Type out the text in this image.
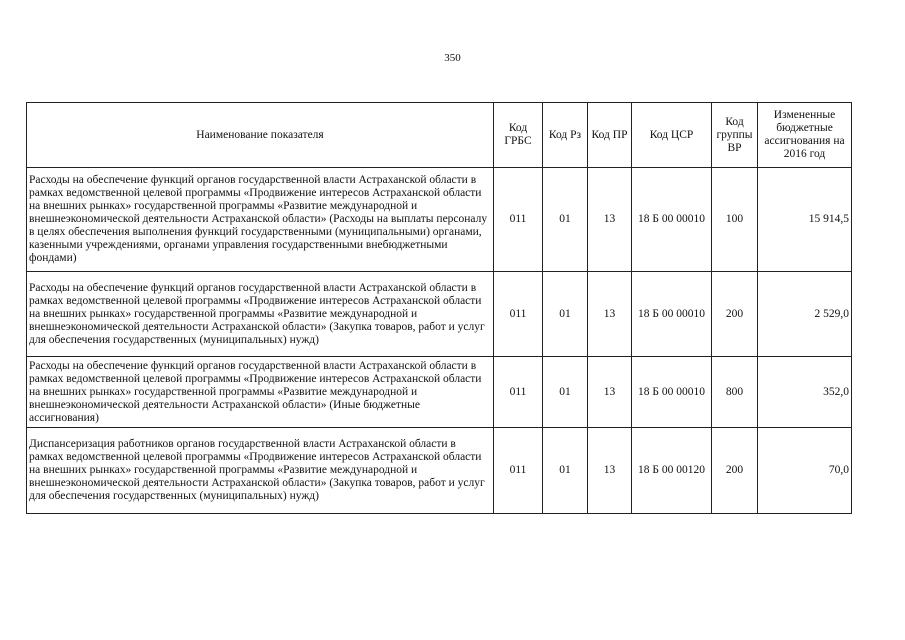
350
Наименование показателя	Код ГРБС	Код Рз	Код ПР	Код ЦСР	Код группы ВР	Измененные бюджетные ассигнования на 2016 год
Расходы на обеспечение функций органов государственной власти Астраханской области в рамках ведомственной целевой программы «Продвижение интересов Астраханской области на внешних рынках» государственной программы «Развитие международной и внешнеэкономической деятельности Астраханской области» (Расходы на выплаты персоналу в целях обеспечения выполнения функций государственными (муниципальными) органами, казенными учреждениями, органами управления государственными внебюджетными фондами)	011	01	13	18 Б 00 00010	100	15 914,5
Расходы на обеспечение функций органов государственной власти Астраханской области в рамках ведомственной целевой программы «Продвижение интересов Астраханской области на внешних рынках» государственной программы «Развитие международной и внешнеэкономической деятельности Астраханской области» (Закупка товаров, работ и услуг для обеспечения государственных (муниципальных) нужд)	011	01	13	18 Б 00 00010	200	2 529,0
Расходы на обеспечение функций органов государственной власти Астраханской области в рамках ведомственной целевой программы «Продвижение интересов Астраханской области на внешних рынках» государственной программы «Развитие международной и внешнеэкономической деятельности Астраханской области» (Иные бюджетные ассигнования)	011	01	13	18 Б 00 00010	800	352,0
Диспансеризация работников органов государственной власти Астраханской области в рамках ведомственной целевой программы «Продвижение интересов Астраханской области на внешних рынках» государственной программы «Развитие международной и внешнеэкономической деятельности Астраханской области» (Закупка товаров, работ и услуг для обеспечения государственных (муниципальных) нужд)	011	01	13	18 Б 00 00120	200	70,0
